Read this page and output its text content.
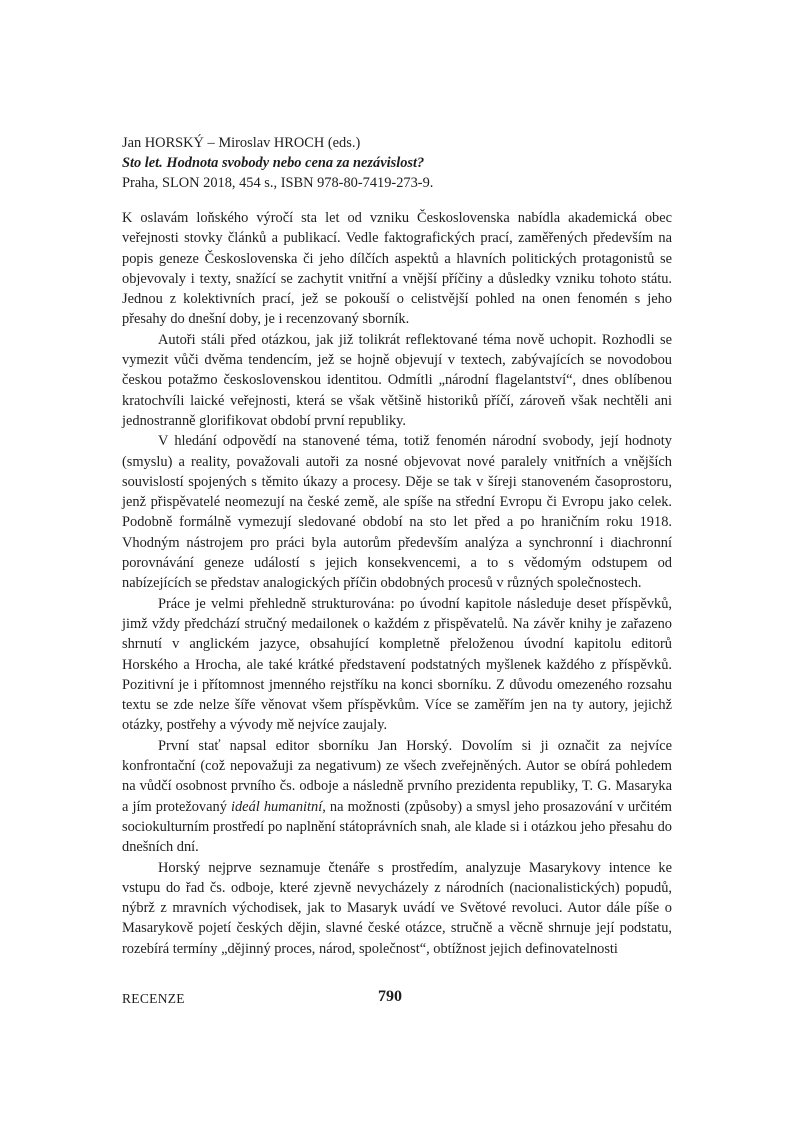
Jan HORSKÝ – Miroslav HROCH (eds.)
Sto let. Hodnota svobody nebo cena za nezávislost?
Praha, SLON 2018, 454 s., ISBN 978-80-7419-273-9.

K oslavám loňského výročí sta let od vzniku Československa nabídla akademická obec veřejnosti stovky článků a publikací. Vedle faktografických prací, zaměřených především na popis geneze Československa či jeho dílčích aspektů a hlavních politických protagonistů se objevovaly i texty, snažící se zachytit vnitřní a vnější příčiny a důsledky vzniku tohoto státu. Jednou z kolektivních prací, jež se pokouší o celistvější pohled na onen fenomén s jeho přesahy do dnešní doby, je i recenzovaný sborník.

Autoři stáli před otázkou, jak již tolikrát reflektované téma nově uchopit. Rozhodli se vymezit vůči dvěma tendencím, jež se hojně objevují v textech, zabývajících se novodobou českou potažmo československou identitou. Odmítli „národní flagelantství“, dnes oblíbenou kratochvíli laické veřejnosti, která se však většině historiků příčí, zároveň však nechtěli ani jednostranně glorifikovat období první republiky.

V hledání odpovědí na stanovené téma, totiž fenomén národní svobody, její hodnoty (smyslu) a reality, považovali autoři za nosné objevovat nové paralely vnitřních a vnějších souvislostí spojených s těmito úkazy a procesy. Děje se tak v šíreji stanoveném časoprostoru, jenž přispěvatelé neomezují na české země, ale spíše na střední Evropu či Evropu jako celek. Podobně formálně vymezují sledované období na sto let před a po hraničním roku 1918. Vhodným nástrojem pro práci byla autorům především analýza a synchronní i diachronní porovnávání genezе událostí s jejich konsekvencemi, a to s vědomým odstupem od nabízejících se představ analogických příčin obdobných procesů v různých společnostech.

Práce je velmi přehledně strukturována: po úvodní kapitole následuje deset příspěvků, jimž vždy předchází stručný medailonek o každém z přispěvatelů. Na závěr knihy je zařazeno shrnutí v anglickém jazyce, obsahující kompletně přeloženou úvodní kapitolu editorů Horského a Hrocha, ale také krátké představení podstatných myšlenek každého z příspěvků. Pozitivní je i přítomnost jmenného rejstříku na konci sborníku. Z důvodu omezeného rozsahu textu se zde nelze šíře věnovat všem příspěvkům. Více se zaměřím jen na ty autory, jejichž otázky, postřehy a vývody mě nejvíce zaujaly.

První stať napsal editor sborníku Jan Horský. Dovolím si ji označit za nejvíce konfrontační (což nepovažuji za negativum) ze všech zveřejněných. Autor se obírá pohledem na vůdčí osobnost prvního čs. odboje a následně prvního prezidenta republiky, T. G. Masaryka a jím protežovaný ideál humanitní, na možnosti (způsoby) a smysl jeho prosazování v určitém sociokulturním prostředí po naplnění státoprávních snah, ale klade si i otázkou jeho přesahu do dnešních dní.

Horský nejprve seznamuje čtenáře s prostředím, analyzuje Masarykovy intence ke vstupu do řad čs. odboje, které zjevně nevycházely z národních (nacionalistických) popudů, nýbrž z mravních východisek, jak to Masaryk uvádí ve Světové revoluci. Autor dále píše o Masarykově pojetí českých dějin, slavné české otázce, stručně a věcně shrnuje její podstatu, rozebírá termíny „dějinný proces, národ, společnost“, obtížnost jejich definovatelnosti

RECENZE	790
